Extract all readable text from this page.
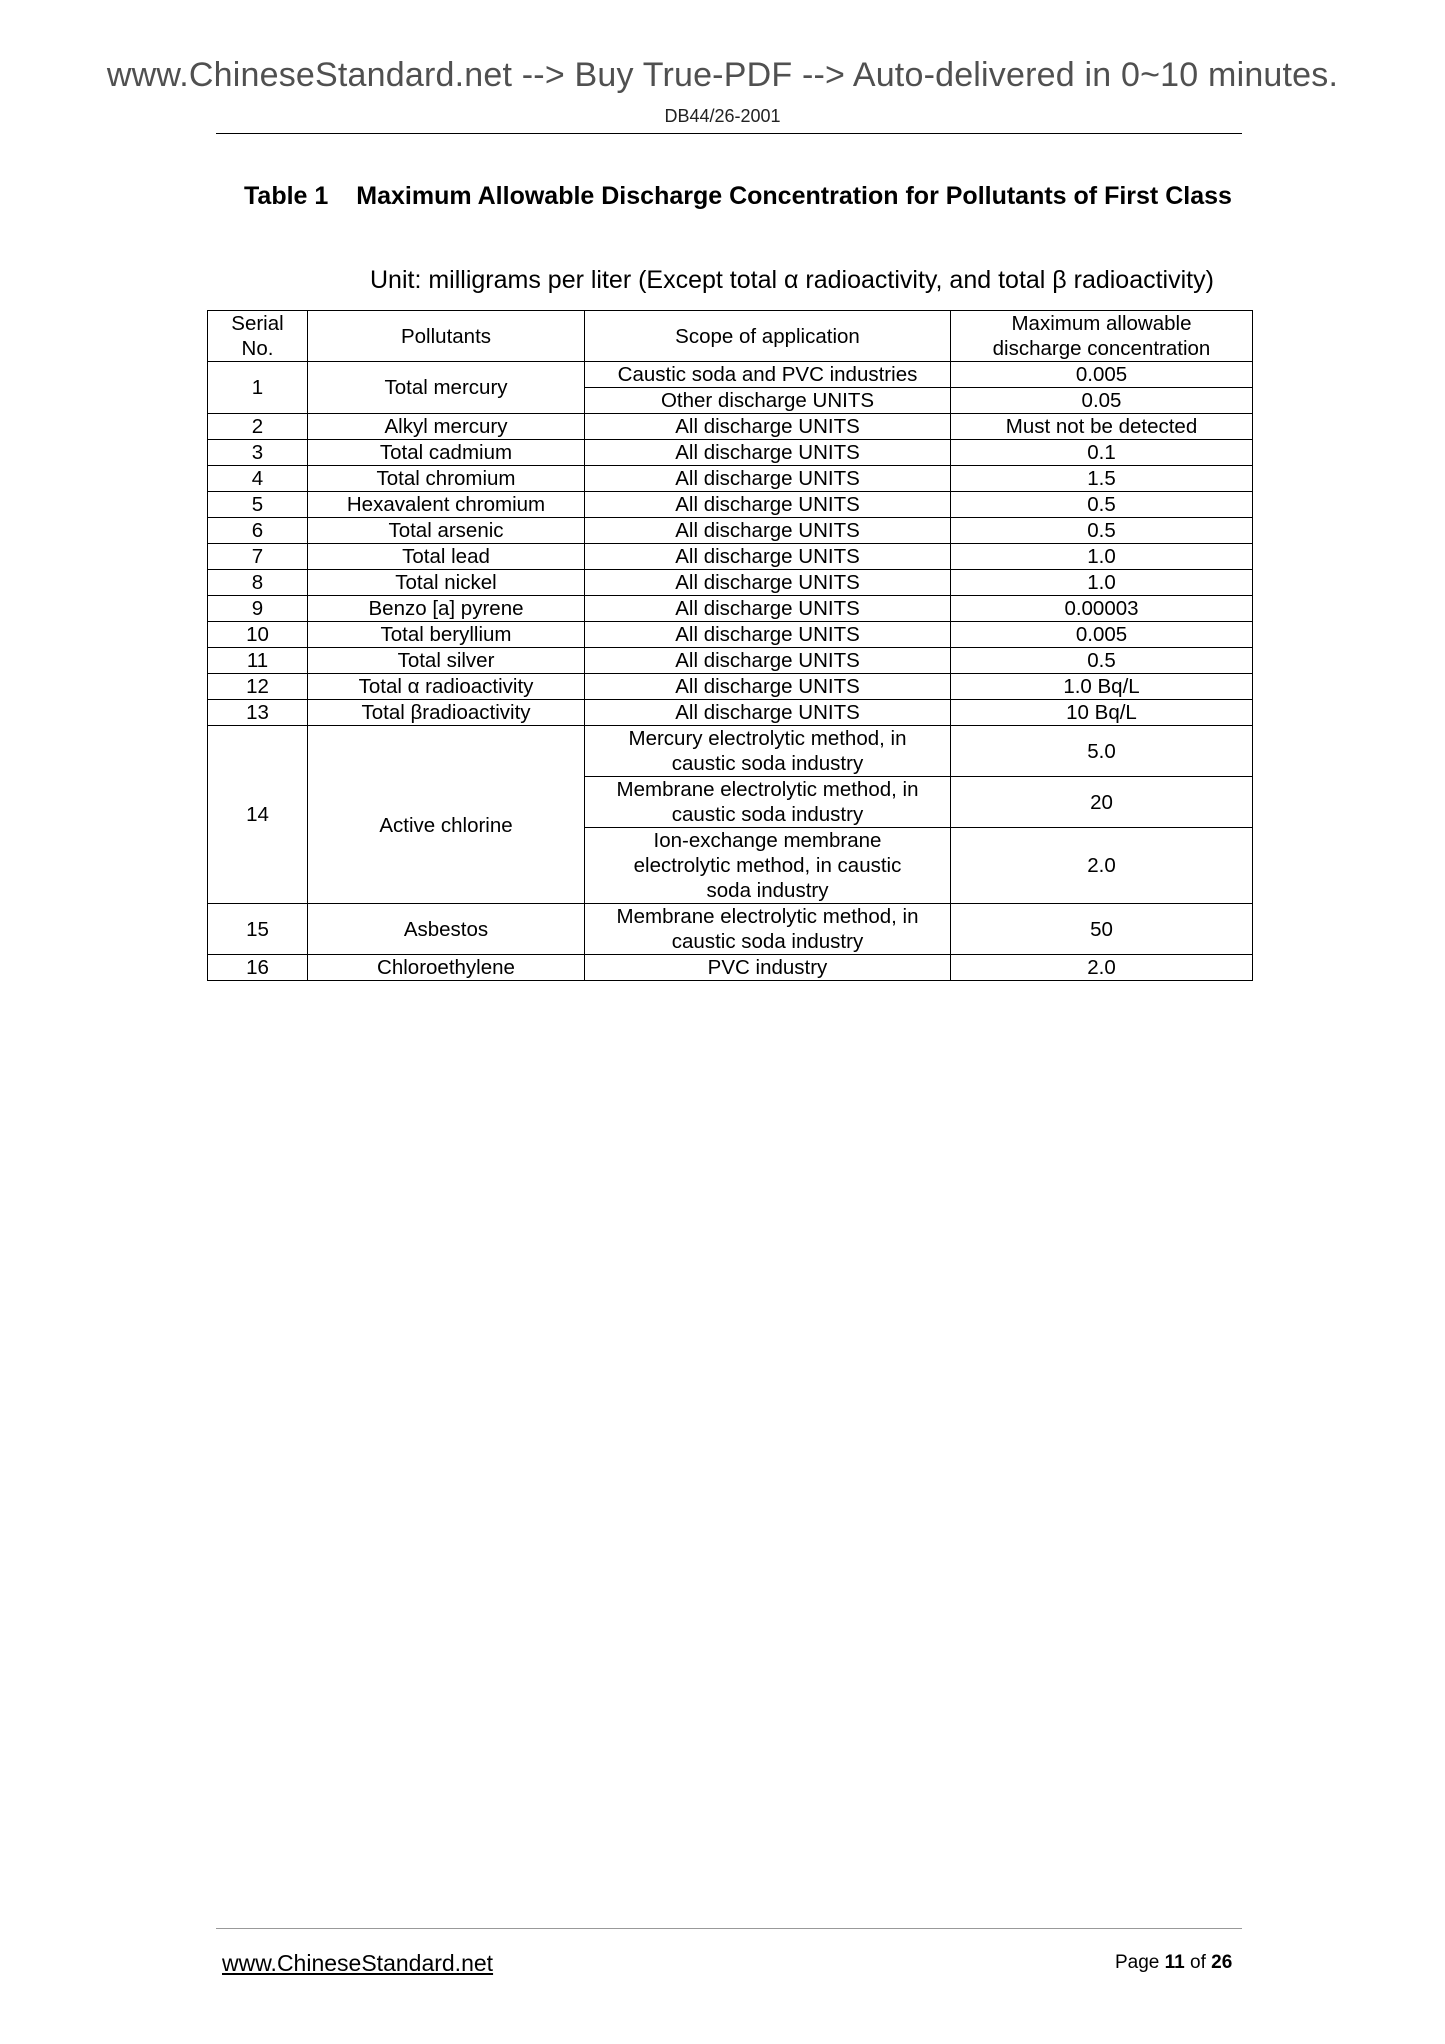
www.ChineseStandard.net --> Buy True-PDF --> Auto-delivered in 0~10 minutes.
DB44/26-2001
Table 1 Maximum Allowable Discharge Concentration for Pollutants of First Class
Unit: milligrams per liter (Except total α radioactivity, and total β radioactivity)
Serial
No.	Pollutants	Scope of application	Maximum allowable
discharge concentration
1	Total mercury	Caustic soda and PVC industries	0.005
		Other discharge UNITS	0.05
2	Alkyl mercury	All discharge UNITS	Must not be detected
3	Total cadmium	All discharge UNITS	0.1
4	Total chromium	All discharge UNITS	1.5
5	Hexavalent chromium	All discharge UNITS	0.5
6	Total arsenic	All discharge UNITS	0.5
7	Total lead	All discharge UNITS	1.0
8	Total nickel	All discharge UNITS	1.0
9	Benzo [a] pyrene	All discharge UNITS	0.00003
10	Total beryllium	All discharge UNITS	0.005
11	Total silver	All discharge UNITS	0.5
12	Total α radioactivity	All discharge UNITS	1.0 Bq/L
13	Total βradioactivity	All discharge UNITS	10 Bq/L
14	Active chlorine	Mercury electrolytic method, in
caustic soda industry	5.0
		Membrane electrolytic method, in
caustic soda industry	20
		Ion-exchange membrane
electrolytic method, in caustic
soda industry	2.0
15	Asbestos	Membrane electrolytic method, in
caustic soda industry	50
16	Chloroethylene	PVC industry	2.0
www.ChineseStandard.net	Page 11 of 26
